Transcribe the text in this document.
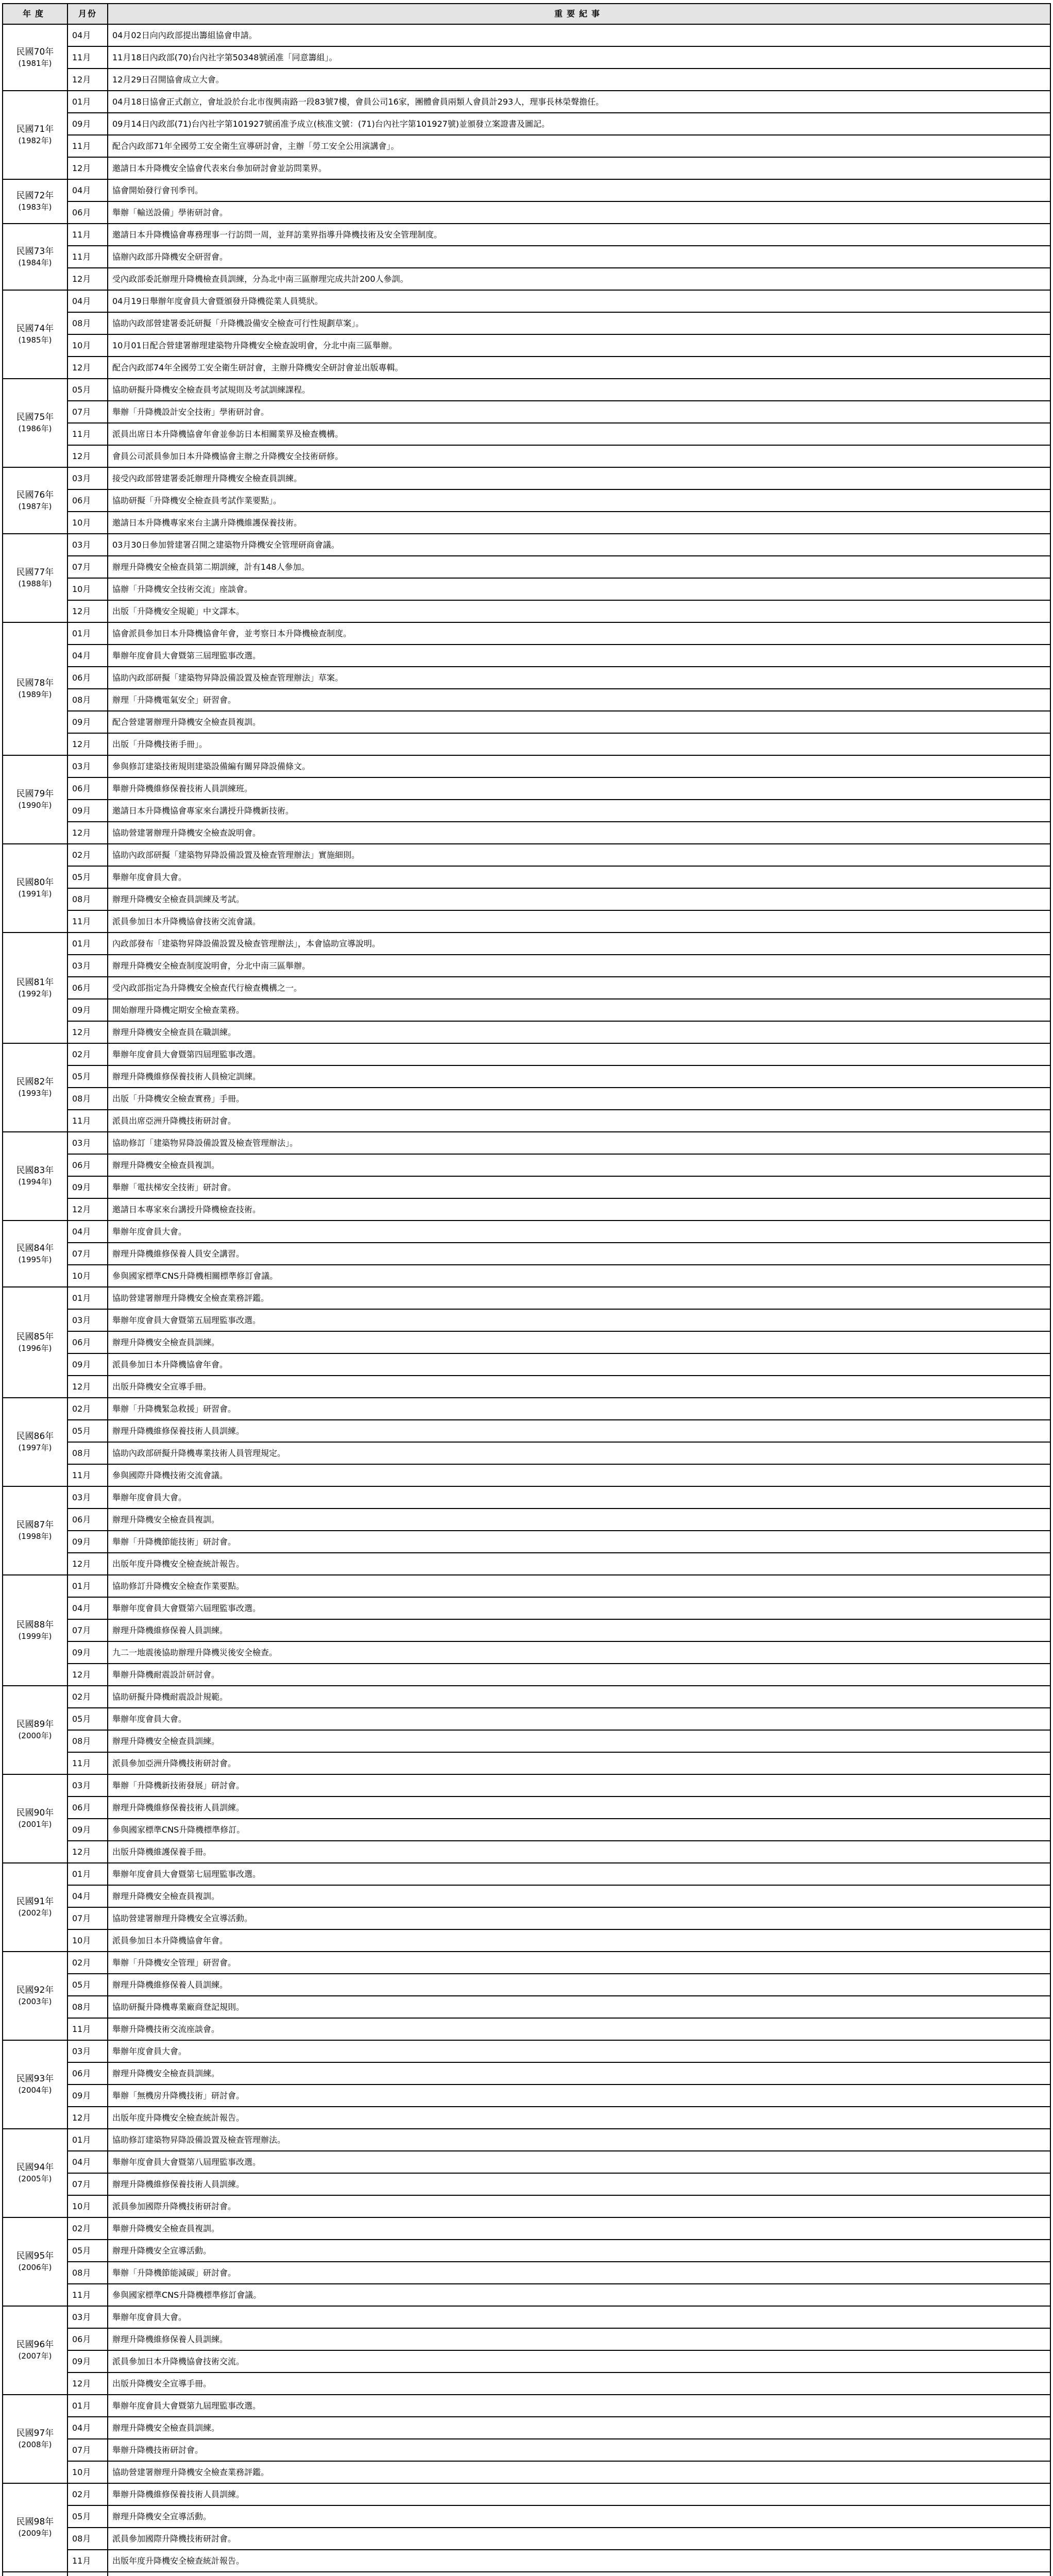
年度	月份	重要紀事
民國70年
(1981年)	04月	04月02日向內政部提出籌組協會申請。
	11月	11月18日內政部(70)台內社字第50348號函准「同意籌組」。
	12月	12月29日召開協會成立大會。
民國71年
(1982年)	01月	04月18日協會正式創立，會址設於台北市復興南路一段83號7樓，會員公司16家，團體會員兩類人會員計293人，理事長林榮聲擔任。
	09月	09月14日內政部(71)台內社字第101927號函准予成立(核准文號：(71)台內社字第101927號)並頒發立案證書及圖記。
	11月	配合內政部71年全國勞工安全衛生宣導研討會，主辦「勞工安全公用演講會」。
	12月	邀請日本升降機安全協會代表來台參加研討會並訪問業界。
民國72年
(1983年)	04月	協會開始發行會刊季刊。
	06月	舉辦「輸送設備」學術研討會。
民國73年
(1984年)	11月	邀請日本升降機協會專務理事一行訪問一周，並拜訪業界指導升降機技術及安全管理制度。
	11月	協辦內政部升降機安全研習會。
	12月	受內政部委託辦理升降機檢查員訓練，分為北中南三區辦理完成共計200人參訓。
民國74年
(1985年)	04月	04月19日舉辦年度會員大會暨頒發升降機從業人員獎狀。
	08月	協助內政部營建署委託研擬「升降機設備安全檢查可行性規劃草案」。
	10月	10月01日配合營建署辦理建築物升降機安全檢查說明會，分北中南三區舉辦。
	12月	配合內政部74年全國勞工安全衛生研討會，主辦升降機安全研討會並出版專輯。
民國75年
(1986年)	05月	協助研擬升降機安全檢查員考試規則及考試訓練課程。
	07月	舉辦「升降機設計安全技術」學術研討會。
	11月	派員出席日本升降機協會年會並參訪日本相關業界及檢查機構。
	12月	會員公司派員參加日本升降機協會主辦之升降機安全技術研修。
民國76年
(1987年)	03月	接受內政部營建署委託辦理升降機安全檢查員訓練。
	06月	協助研擬「升降機安全檢查員考試作業要點」。
	10月	邀請日本升降機專家來台主講升降機維護保養技術。
民國77年
(1988年)	03月	03月30日參加營建署召開之建築物升降機安全管理研商會議。
	07月	辦理升降機安全檢查員第二期訓練，計有148人參加。
	10月	協辦「升降機安全技術交流」座談會。
	12月	出版「升降機安全規範」中文譯本。
民國78年
(1989年)	01月	協會派員參加日本升降機協會年會，並考察日本升降機檢查制度。
	04月	舉辦年度會員大會暨第三屆理監事改選。
	06月	協助內政部研擬「建築物昇降設備設置及檢查管理辦法」草案。
	08月	辦理「升降機電氣安全」研習會。
	09月	配合營建署辦理升降機安全檢查員複訓。
	12月	出版「升降機技術手冊」。
民國79年
(1990年)	03月	參與修訂建築技術規則建築設備編有關昇降設備條文。
	06月	舉辦升降機維修保養技術人員訓練班。
	09月	邀請日本升降機協會專家來台講授升降機新技術。
	12月	協助營建署辦理升降機安全檢查說明會。
民國80年
(1991年)	02月	協助內政部研擬「建築物昇降設備設置及檢查管理辦法」實施細則。
	05月	舉辦年度會員大會。
	08月	辦理升降機安全檢查員訓練及考試。
	11月	派員參加日本升降機協會技術交流會議。
民國81年
(1992年)	01月	內政部發布「建築物昇降設備設置及檢查管理辦法」，本會協助宣導說明。
	03月	辦理升降機安全檢查制度說明會，分北中南三區舉辦。
	06月	受內政部指定為升降機安全檢查代行檢查機構之一。
	09月	開始辦理升降機定期安全檢查業務。
	12月	辦理升降機安全檢查員在職訓練。
民國82年
(1993年)	02月	舉辦年度會員大會暨第四屆理監事改選。
	05月	辦理升降機維修保養技術人員檢定訓練。
	08月	出版「升降機安全檢查實務」手冊。
	11月	派員出席亞洲升降機技術研討會。
民國83年
(1994年)	03月	協助修訂「建築物昇降設備設置及檢查管理辦法」。
	06月	辦理升降機安全檢查員複訓。
	09月	舉辦「電扶梯安全技術」研討會。
	12月	邀請日本專家來台講授升降機檢查技術。
民國84年
(1995年)	04月	舉辦年度會員大會。
	07月	辦理升降機維修保養人員安全講習。
	10月	參與國家標準CNS升降機相關標準修訂會議。
民國85年
(1996年)	01月	協助營建署辦理升降機安全檢查業務評鑑。
	03月	舉辦年度會員大會暨第五屆理監事改選。
	06月	辦理升降機安全檢查員訓練。
	09月	派員參加日本升降機協會年會。
	12月	出版升降機安全宣導手冊。
民國86年
(1997年)	02月	舉辦「升降機緊急救援」研習會。
	05月	辦理升降機維修保養技術人員訓練。
	08月	協助內政部研擬升降機專業技術人員管理規定。
	11月	參與國際升降機技術交流會議。
民國87年
(1998年)	03月	舉辦年度會員大會。
	06月	辦理升降機安全檢查員複訓。
	09月	舉辦「升降機節能技術」研討會。
	12月	出版年度升降機安全檢查統計報告。
民國88年
(1999年)	01月	協助修訂升降機安全檢查作業要點。
	04月	舉辦年度會員大會暨第六屆理監事改選。
	07月	辦理升降機維修保養人員訓練。
	09月	九二一地震後協助辦理升降機災後安全檢查。
	12月	舉辦升降機耐震設計研討會。
民國89年
(2000年)	02月	協助研擬升降機耐震設計規範。
	05月	舉辦年度會員大會。
	08月	辦理升降機安全檢查員訓練。
	11月	派員參加亞洲升降機技術研討會。
民國90年
(2001年)	03月	舉辦「升降機新技術發展」研討會。
	06月	辦理升降機維修保養技術人員訓練。
	09月	參與國家標準CNS升降機標準修訂。
	12月	出版升降機維護保養手冊。
民國91年
(2002年)	01月	舉辦年度會員大會暨第七屆理監事改選。
	04月	辦理升降機安全檢查員複訓。
	07月	協助營建署辦理升降機安全宣導活動。
	10月	派員參加日本升降機協會年會。
民國92年
(2003年)	02月	舉辦「升降機安全管理」研習會。
	05月	辦理升降機維修保養人員訓練。
	08月	協助研擬升降機專業廠商登記規則。
	11月	舉辦升降機技術交流座談會。
民國93年
(2004年)	03月	舉辦年度會員大會。
	06月	辦理升降機安全檢查員訓練。
	09月	舉辦「無機房升降機技術」研討會。
	12月	出版年度升降機安全檢查統計報告。
民國94年
(2005年)	01月	協助修訂建築物昇降設備設置及檢查管理辦法。
	04月	舉辦年度會員大會暨第八屆理監事改選。
	07月	辦理升降機維修保養技術人員訓練。
	10月	派員參加國際升降機技術研討會。
民國95年
(2006年)	02月	舉辦升降機安全檢查員複訓。
	05月	辦理升降機安全宣導活動。
	08月	舉辦「升降機節能減碳」研討會。
	11月	參與國家標準CNS升降機標準修訂會議。
民國96年
(2007年)	03月	舉辦年度會員大會。
	06月	辦理升降機維修保養人員訓練。
	09月	派員參加日本升降機協會技術交流。
	12月	出版升降機安全宣導手冊。
民國97年
(2008年)	01月	舉辦年度會員大會暨第九屆理監事改選。
	04月	辦理升降機安全檢查員訓練。
	07月	舉辦升降機技術研討會。
	10月	協助營建署辦理升降機安全檢查業務評鑑。
民國98年
(2009年)	02月	舉辦升降機維修保養技術人員訓練。
	05月	辦理升降機安全宣導活動。
	08月	派員參加國際升降機技術研討會。
	11月	出版年度升降機安全檢查統計報告。
